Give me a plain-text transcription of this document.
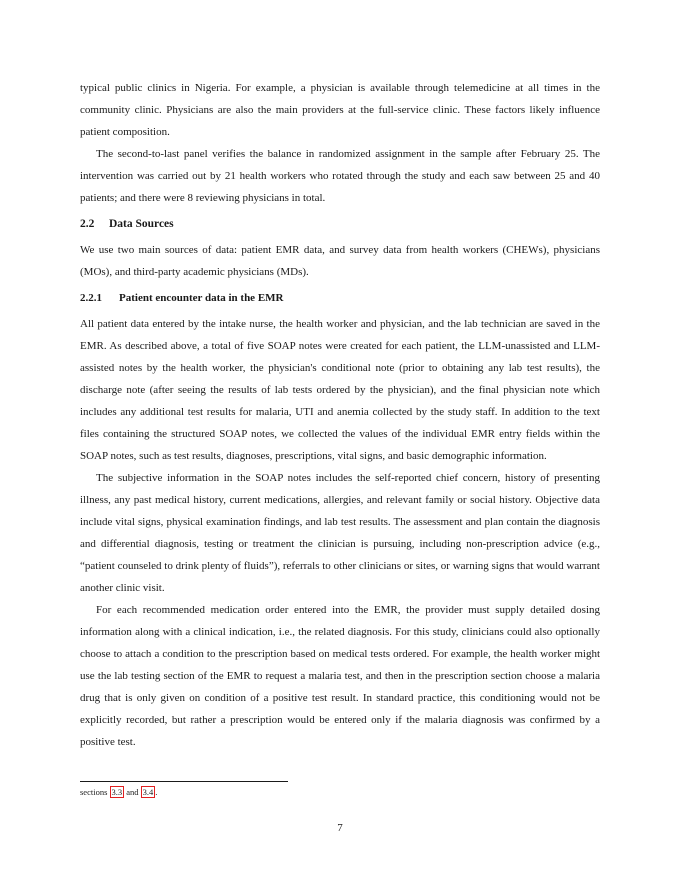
typical public clinics in Nigeria. For example, a physician is available through telemedicine at all times in the community clinic. Physicians are also the main providers at the full-service clinic. These factors likely influence patient composition.

The second-to-last panel verifies the balance in randomized assignment in the sample after February 25. The intervention was carried out by 21 health workers who rotated through the study and each saw between 25 and 40 patients; and there were 8 reviewing physicians in total.

2.2 Data Sources

We use two main sources of data: patient EMR data, and survey data from health workers (CHEWs), physicians (MOs), and third-party academic physicians (MDs).

2.2.1 Patient encounter data in the EMR

All patient data entered by the intake nurse, the health worker and physician, and the lab technician are saved in the EMR. As described above, a total of five SOAP notes were created for each patient, the LLM-unassisted and LLM-assisted notes by the health worker, the physician's conditional note (prior to obtaining any lab test results), the discharge note (after seeing the results of lab tests ordered by the physician), and the final physician note which includes any additional test results for malaria, UTI and anemia collected by the study staff. In addition to the text files containing the structured SOAP notes, we collected the values of the individual EMR entry fields within the SOAP notes, such as test results, diagnoses, prescriptions, vital signs, and basic demographic information.

The subjective information in the SOAP notes includes the self-reported chief concern, history of presenting illness, any past medical history, current medications, allergies, and relevant family or social history. Objective data include vital signs, physical examination findings, and lab test results. The assessment and plan contain the diagnosis and differential diagnosis, testing or treatment the clinician is pursuing, including non-prescription advice (e.g., “patient counseled to drink plenty of fluids”), referrals to other clinicians or sites, or warning signs that would warrant another clinic visit.

For each recommended medication order entered into the EMR, the provider must supply detailed dosing information along with a clinical indication, i.e., the related diagnosis. For this study, clinicians could also optionally choose to attach a condition to the prescription based on medical tests ordered. For example, the health worker might use the lab testing section of the EMR to request a malaria test, and then in the prescription section choose a malaria drug that is only given on condition of a positive test result. In standard practice, this conditioning would not be explicitly recorded, but rather a prescription would be entered only if the malaria diagnosis was confirmed by a positive test.

sections 3.3 and 3.4 .
7
